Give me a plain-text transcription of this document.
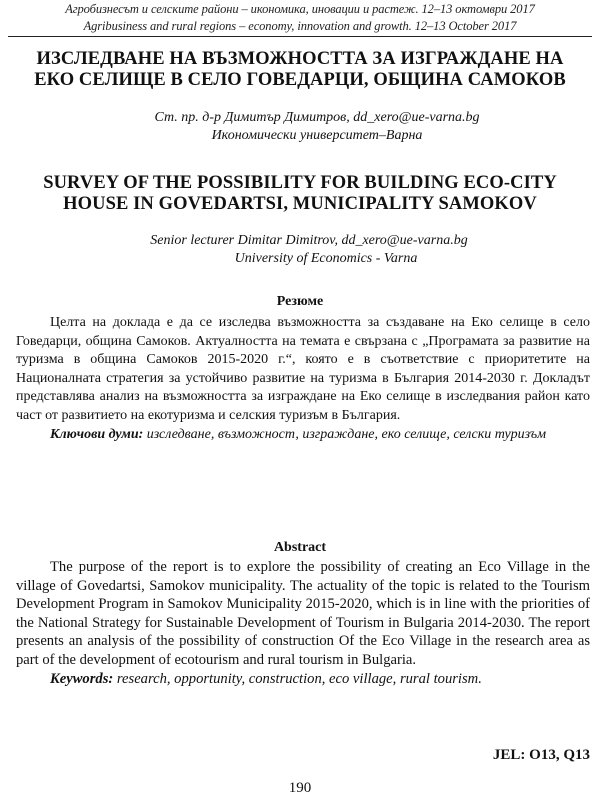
Агробизнесът и селските райони – икономика, иновации и растеж. 12–13 октомври 2017
Agribusiness and rural regions – economy, innovation and growth. 12–13 October 2017
ИЗСЛЕДВАНЕ НА ВЪЗМОЖНОСТТА ЗА ИЗГРАЖДАНЕ НА
ЕКО СЕЛИЩЕ В СЕЛО ГОВЕДАРЦИ, ОБЩИНА САМОКОВ
Ст. пр. д-р Димитър Димитров, dd_xero@ue-varna.bg
Икономически университет–Варна
SURVEY OF THE POSSIBILITY FOR BUILDING ECO-CITY
HOUSE IN GOVEDARTSI, MUNICIPALITY SAMOKOV
Senior lecturer Dimitar Dimitrov, dd_xero@ue-varna.bg
University of Economics - Varna
Резюме

Целта на доклада е да се изследва възможността за създаване на Еко селище в село Говедарци, община Самоков. Актуалността на темата е свързана с „Програмата за развитие на туризма в община Самоков 2015-2020 г.“, която е в съответствие с приоритетите на Националната стратегия за устойчиво развитие на туризма в България 2014-2030 г. Докладът представлява анализ на възможността за изграждане на Еко селище в изследвания район като част от развитието на екотуризма и селския туризъм в България.

Ключови думи: изследване, възможност, изграждане, еко селище, селски туризъм

Abstract

The purpose of the report is to explore the possibility of creating an Eco Village in the village of Govedartsi, Samokov municipality. The actuality of the topic is related to the Tourism Development Program in Samokov Municipality 2015-2020, which is in line with the priorities of the National Strategy for Sustainable Development of Tourism in Bulgaria 2014-2030. The report presents an analysis of the possibility of construction Of the Eco Village in the research area as part of the development of ecotourism and rural tourism in Bulgaria.

Keywords: research, opportunity, construction, eco village, rural tourism.

JEL: O13, Q13
190
